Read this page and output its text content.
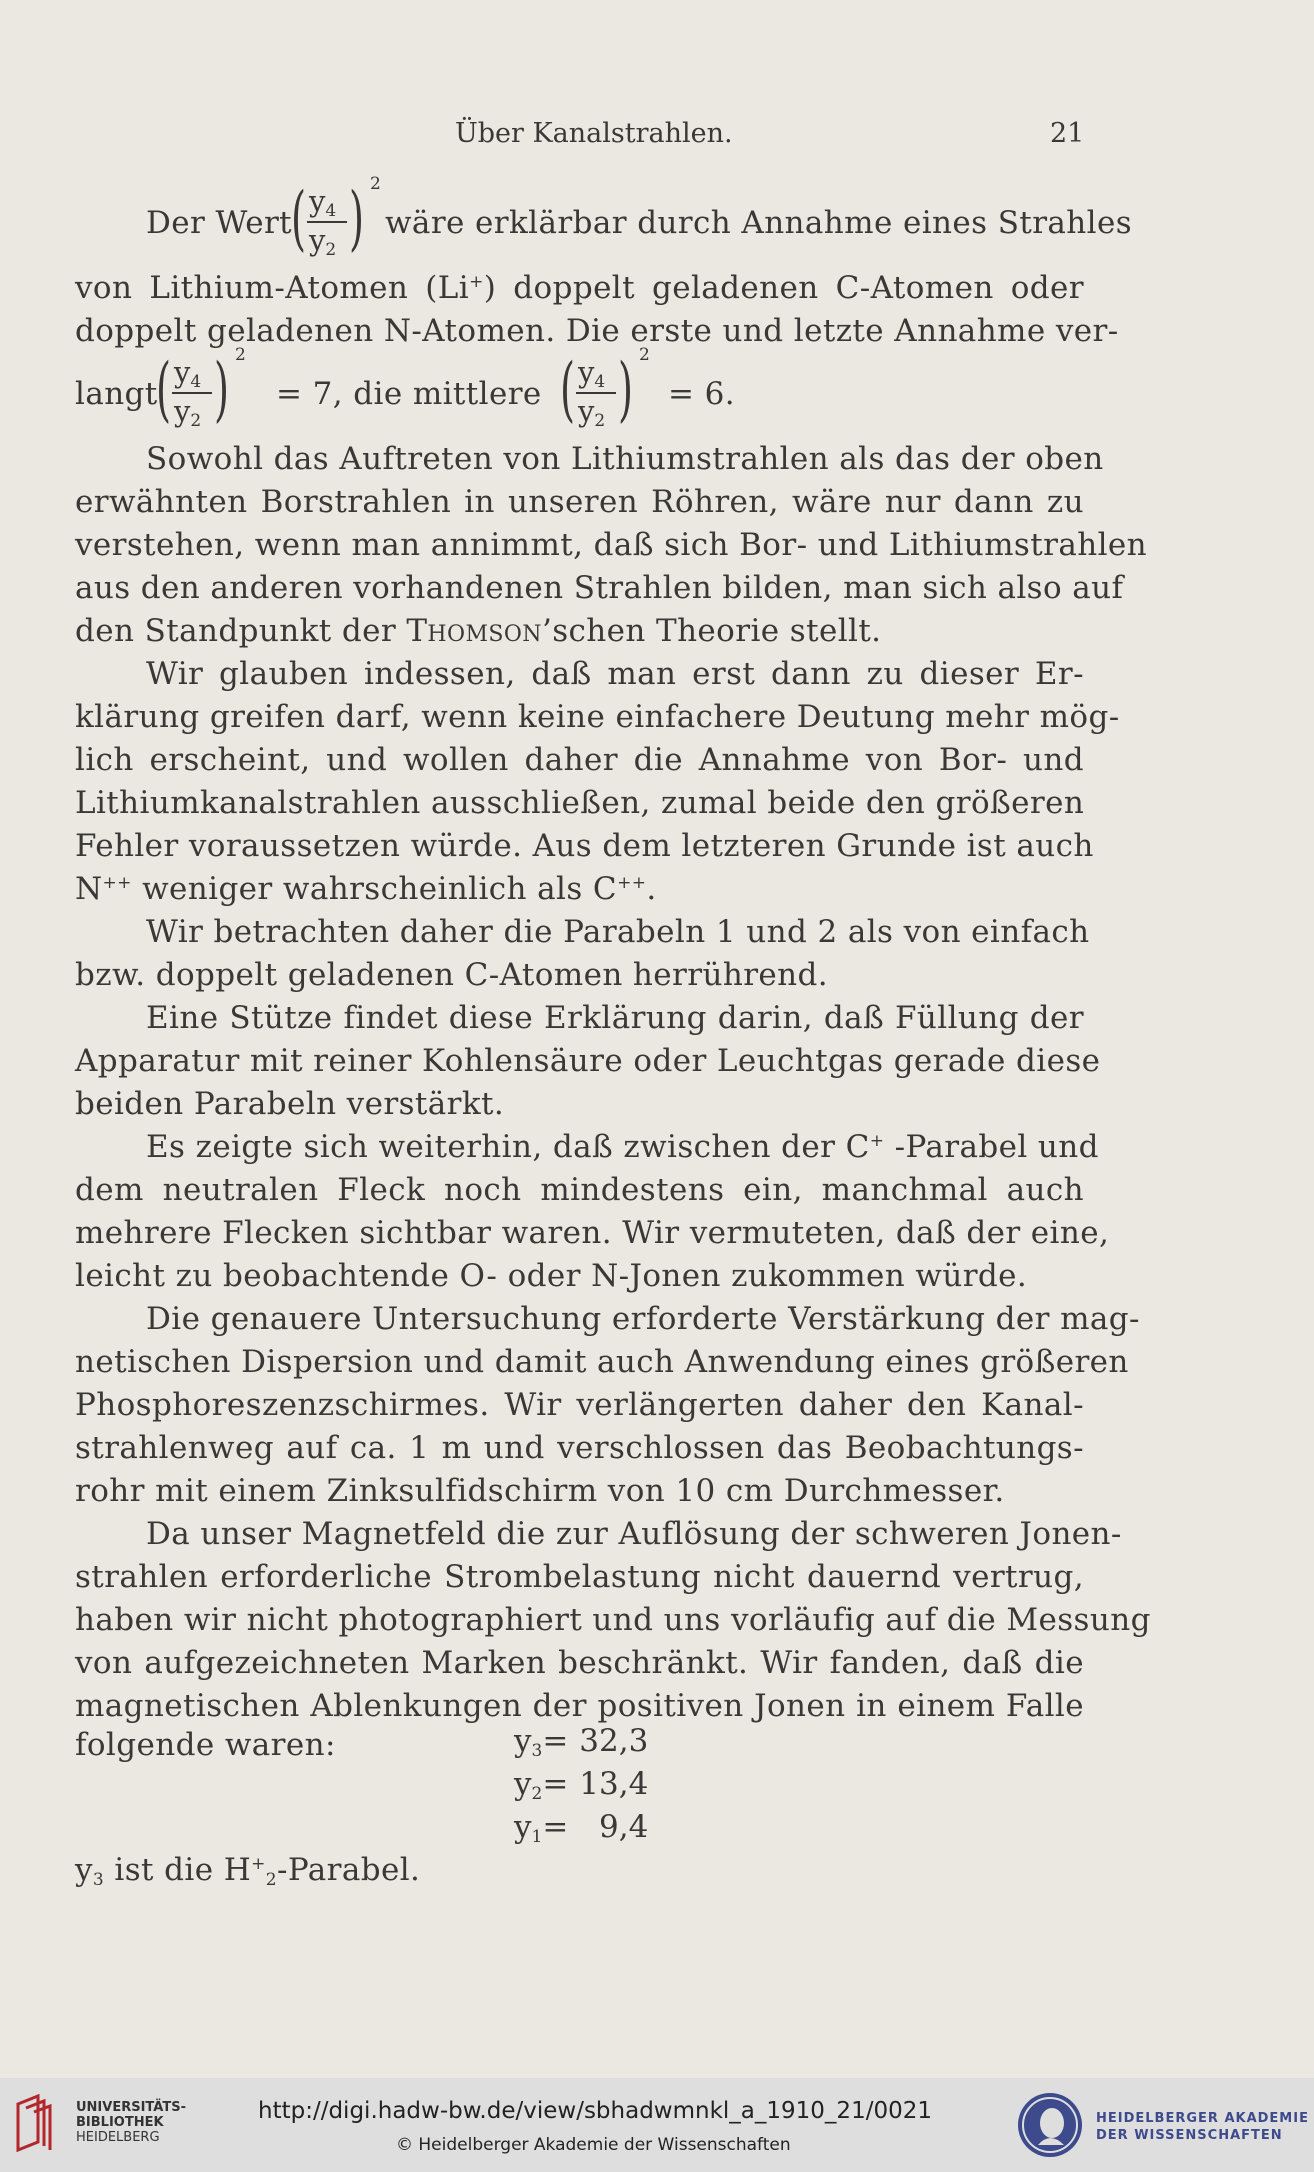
Über Kanalstrahlen.	21
Der Wert
( $y_4$
$y_2$ ) 2
wäre erklärbar durch Annahme eines Strahles
von Lithium-Atomen (Li+) doppelt geladenen C-Atomen oder
doppelt geladenen N-Atomen. Die erste und letzte Annahme ver-
langt
( $y_4$
$y_2$ ) 2
= 7, die mittlere ( $y_4$
$y_2$ ) 2
= 6.
Sowohl das Auftreten von Lithiumstrahlen als das der oben
erwähnten Borstrahlen in unseren Röhren, wäre nur dann zu
verstehen, wenn man annimmt, daß sich Bor- und Lithiumstrahlen
aus den anderen vorhandenen Strahlen bilden, man sich also auf
den Standpunkt der Thomson’schen Theorie stellt.
Wir glauben indessen, daß man erst dann zu dieser Er-
klärung greifen darf, wenn keine einfachere Deutung mehr mög-
lich erscheint, und wollen daher die Annahme von Bor- und
Lithiumkanalstrahlen ausschließen, zumal beide den größeren
Fehler voraussetzen würde. Aus dem letzteren Grunde ist auch
N++ weniger wahrscheinlich als C++.
Wir betrachten daher die Parabeln 1 und 2 als von einfach
bzw. doppelt geladenen C-Atomen herrührend.
Eine Stütze findet diese Erklärung darin, daß Füllung der
Apparatur mit reiner Kohlensäure oder Leuchtgas gerade diese
beiden Parabeln verstärkt.
Es zeigte sich weiterhin, daß zwischen der C+ -Parabel und
dem neutralen Fleck noch mindestens ein, manchmal auch
mehrere Flecken sichtbar waren. Wir vermuteten, daß der eine,
leicht zu beobachtende O- oder N-Jonen zukommen würde.
Die genauere Untersuchung erforderte Verstärkung der mag-
netischen Dispersion und damit auch Anwendung eines größeren
Phosphoreszenzschirmes. Wir verlängerten daher den Kanal-
strahlenweg auf ca. 1 m und verschlossen das Beobachtungs-
rohr mit einem Zinksulfidschirm von 10 cm Durchmesser.
Da unser Magnetfeld die zur Auflösung der schweren Jonen-
strahlen erforderliche Strombelastung nicht dauernd vertrug,
haben wir nicht photographiert und uns vorläufig auf die Messung
von aufgezeichneten Marken beschränkt. Wir fanden, daß die
magnetischen Ablenkungen der positiven Jonen in einem Falle
folgende waren:	$y_3= 32,3$
$y_2= 13,4$
$y_1= 9,4$
$y_3$ ist die $H^+_2$-Parabel.
UNIVERSITÄTS-
BIBLIOTHEK
HEIDELBERG
http://digi.hadw-bw.de/view/sbhadwmnkl_a_1910_21/0021
© Heidelberger Akademie der Wissenschaften
HEIDELBERGER AKADEMIE
DER WISSENSCHAFTEN
